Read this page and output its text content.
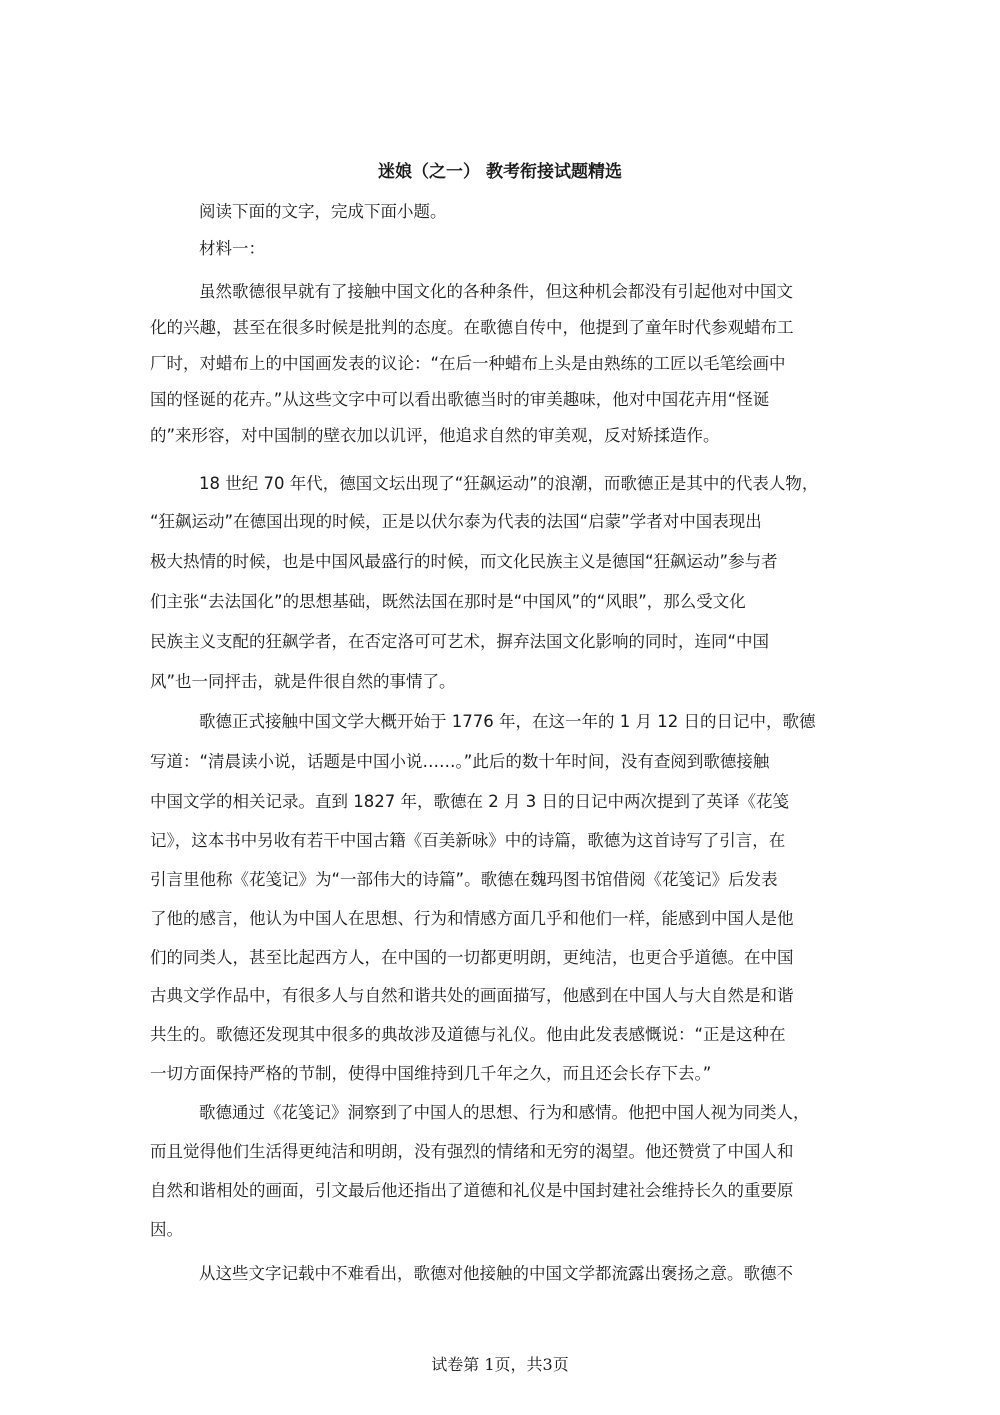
迷娘（之一） 教考衔接试题精选
阅读下面的文字，完成下面小题。
材料一：
虽然歌德很早就有了接触中国文化的各种条件，但这种机会都没有引起他对中国文
化的兴趣，甚至在很多时候是批判的态度。在歌德自传中，他提到了童年时代参观蜡布工
厂时，对蜡布上的中国画发表的议论：“在后一种蜡布上头是由熟练的工匠以毛笔绘画中
国的怪诞的花卉。”从这些文字中可以看出歌德当时的审美趣味，他对中国花卉用“怪诞
的”来形容，对中国制的壁衣加以讥评，他追求自然的审美观，反对矫揉造作。
18 世纪 70 年代，德国文坛出现了“狂飙运动”的浪潮，而歌德正是其中的代表人物，
“狂飙运动”在德国出现的时候，正是以伏尔泰为代表的法国“启蒙”学者对中国表现出
极大热情的时候，也是中国风最盛行的时候，而文化民族主义是德国“狂飙运动”参与者
们主张“去法国化”的思想基础，既然法国在那时是“中国风”的“风眼”，那么受文化
民族主义支配的狂飙学者，在否定洛可可艺术，摒弃法国文化影响的同时，连同“中国
风”也一同抨击，就是件很自然的事情了。
歌德正式接触中国文学大概开始于 1776 年，在这一年的 1 月 12 日的日记中，歌德
写道：“清晨读小说，话题是中国小说……。”此后的数十年时间，没有查阅到歌德接触
中国文学的相关记录。直到 1827 年，歌德在 2 月 3 日的日记中两次提到了英译《花笺
记》，这本书中另收有若干中国古籍《百美新咏》中的诗篇，歌德为这首诗写了引言，在
引言里他称《花笺记》为“一部伟大的诗篇”。歌德在魏玛图书馆借阅《花笺记》后发表
了他的感言，他认为中国人在思想、行为和情感方面几乎和他们一样，能感到中国人是他
们的同类人，甚至比起西方人，在中国的一切都更明朗，更纯洁，也更合乎道德。在中国
古典文学作品中，有很多人与自然和谐共处的画面描写，他感到在中国人与大自然是和谐
共生的。歌德还发现其中很多的典故涉及道德与礼仪。他由此发表感慨说：“正是这种在
一切方面保持严格的节制，使得中国维持到几千年之久，而且还会长存下去。”
歌德通过《花笺记》洞察到了中国人的思想、行为和感情。他把中国人视为同类人，
而且觉得他们生活得更纯洁和明朗，没有强烈的情绪和无穷的渴望。他还赞赏了中国人和
自然和谐相处的画面，引文最后他还指出了道德和礼仪是中国封建社会维持长久的重要原
因。
从这些文字记载中不难看出，歌德对他接触的中国文学都流露出褒扬之意。歌德不
试卷第 1页，共3页
